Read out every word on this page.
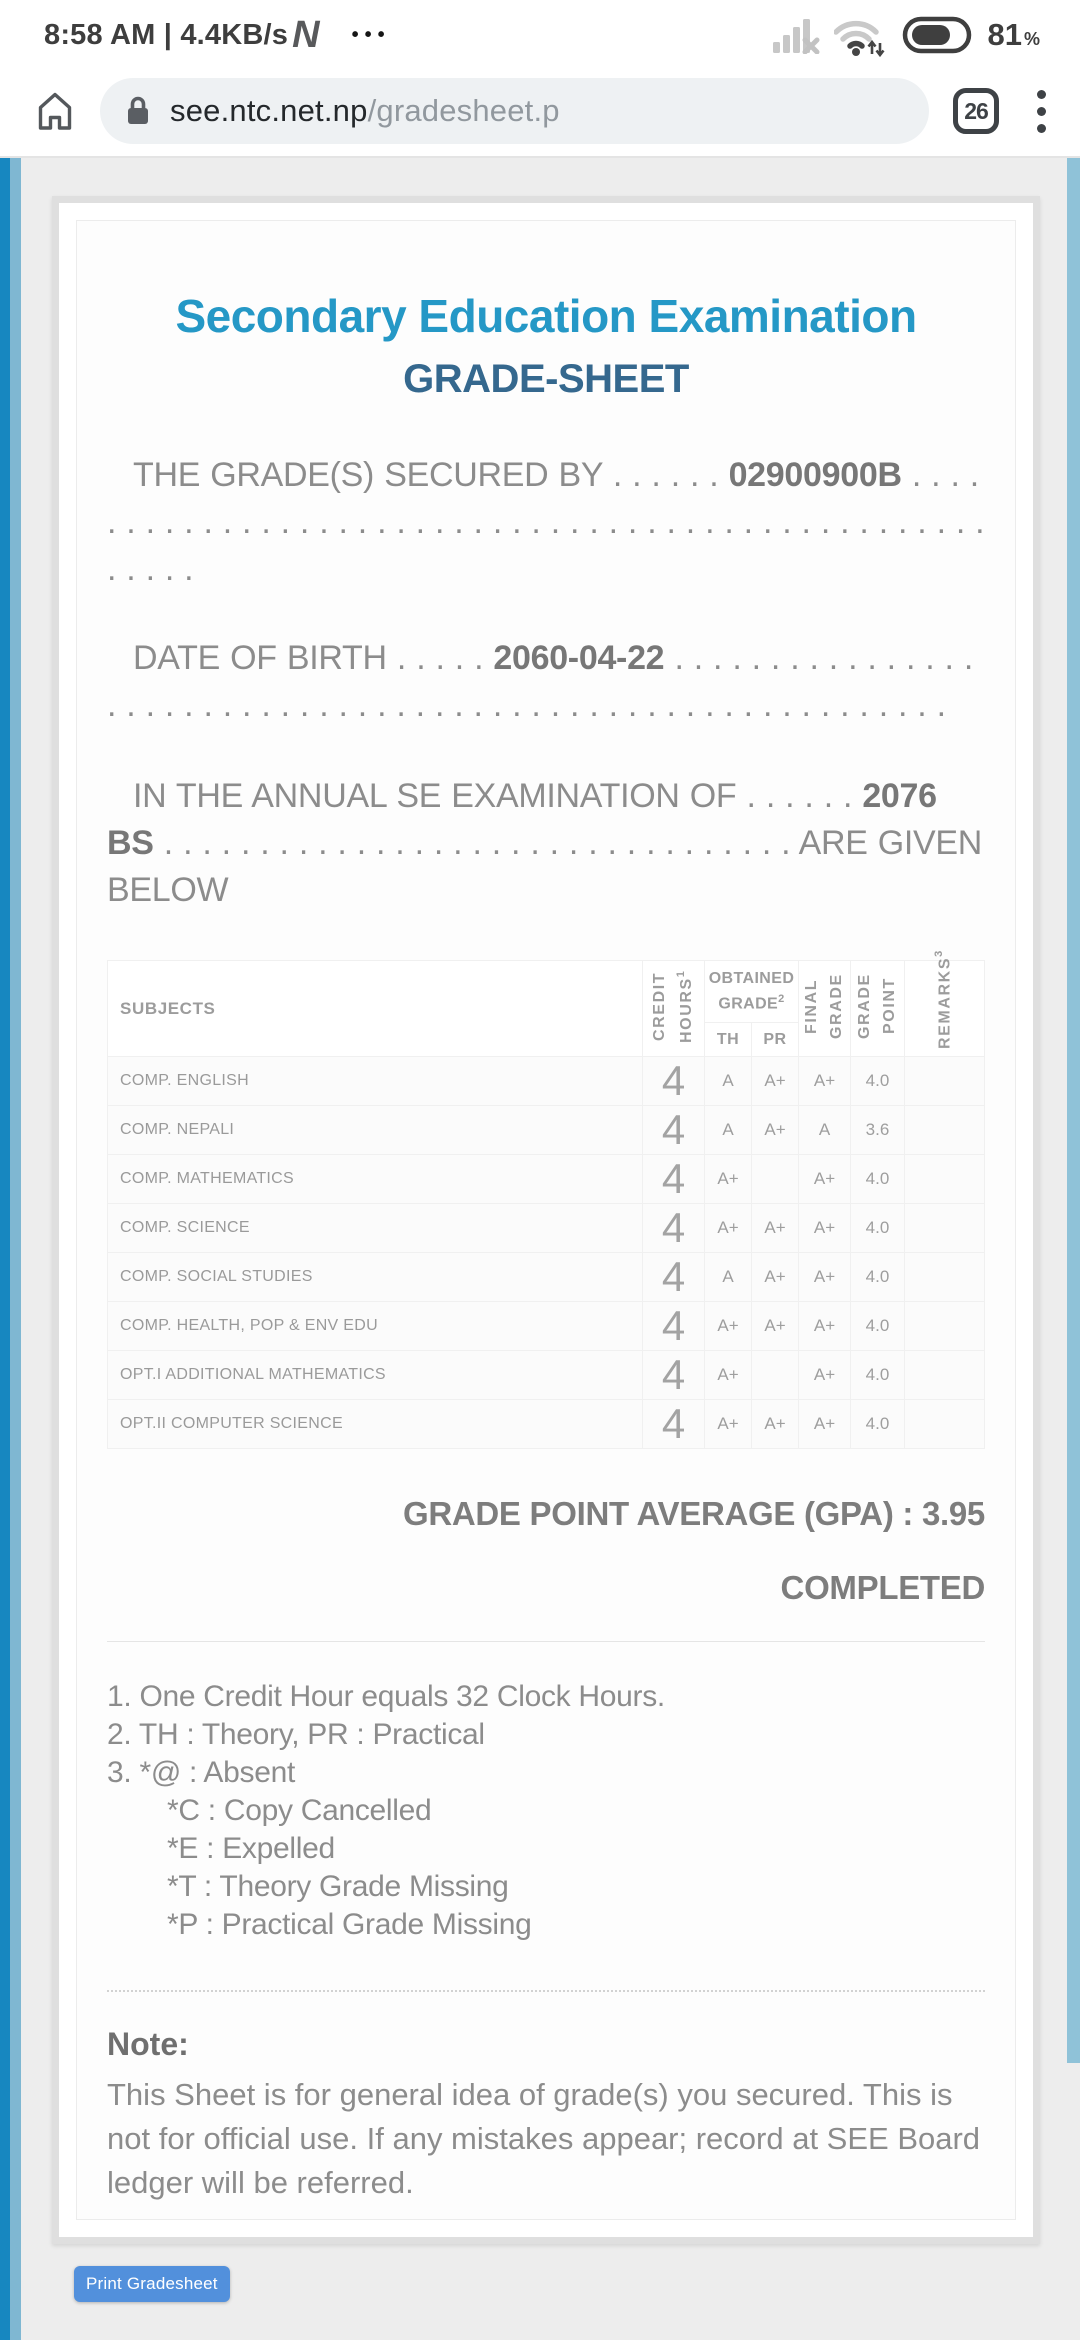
8:58 AM | 4.4KB/s N •••	81 %
see.ntc.net.np/gradesheet.p	26
Secondary Education Examination
GRADE-SHEET

THE GRADE(S) SECURED BY . . . . . . 02900900B . . . . . . . . . . . . . . . . . . . . . . . . . . . . . . . . . . . . . . . . . . . . . . . . . . . . . . .

DATE OF BIRTH . . . . . 2060-04-22 . . . . . . . . . . . . . . . . . . . . . . . . . . . . . . . . . . . . . . . . . . . . . . . . . . . . . . . . . . . .

IN THE ANNUAL SE EXAMINATION OF . . . . . . 2076 BS . . . . . . . . . . . . . . . . . . . . . . . . . . . . . . . . . ARE GIVEN BELOW

SUBJECTS	CREDIT HOURS$^1$	OBTAINED
GRADE$^2$		FINAL GRADE	GRADE POINT	REMARKS$^3$
		TH	PR			
COMP. ENGLISH	4	A	A+	A+	4.0	
COMP. NEPALI	4	A	A+	A	3.6	
COMP. MATHEMATICS	4	A+		A+	4.0	
COMP. SCIENCE	4	A+	A+	A+	4.0	
COMP. SOCIAL STUDIES	4	A	A+	A+	4.0	
COMP. HEALTH, POP & ENV EDU	4	A+	A+	A+	4.0	
OPT.I ADDITIONAL MATHEMATICS	4	A+		A+	4.0	
OPT.II COMPUTER SCIENCE	4	A+	A+	A+	4.0	
GRADE POINT AVERAGE (GPA) : 3.95
COMPLETED
1. One Credit Hour equals 32 Clock Hours.
2. TH : Theory, PR : Practical
3. *@ : Absent
*C : Copy Cancelled
*E : Expelled
*T : Theory Grade Missing
*P : Practical Grade Missing
Note:
This Sheet is for general idea of grade(s) you secured. This is not for official use. If any mistakes appear; record at SEE Board ledger will be referred.
Print Gradesheet
